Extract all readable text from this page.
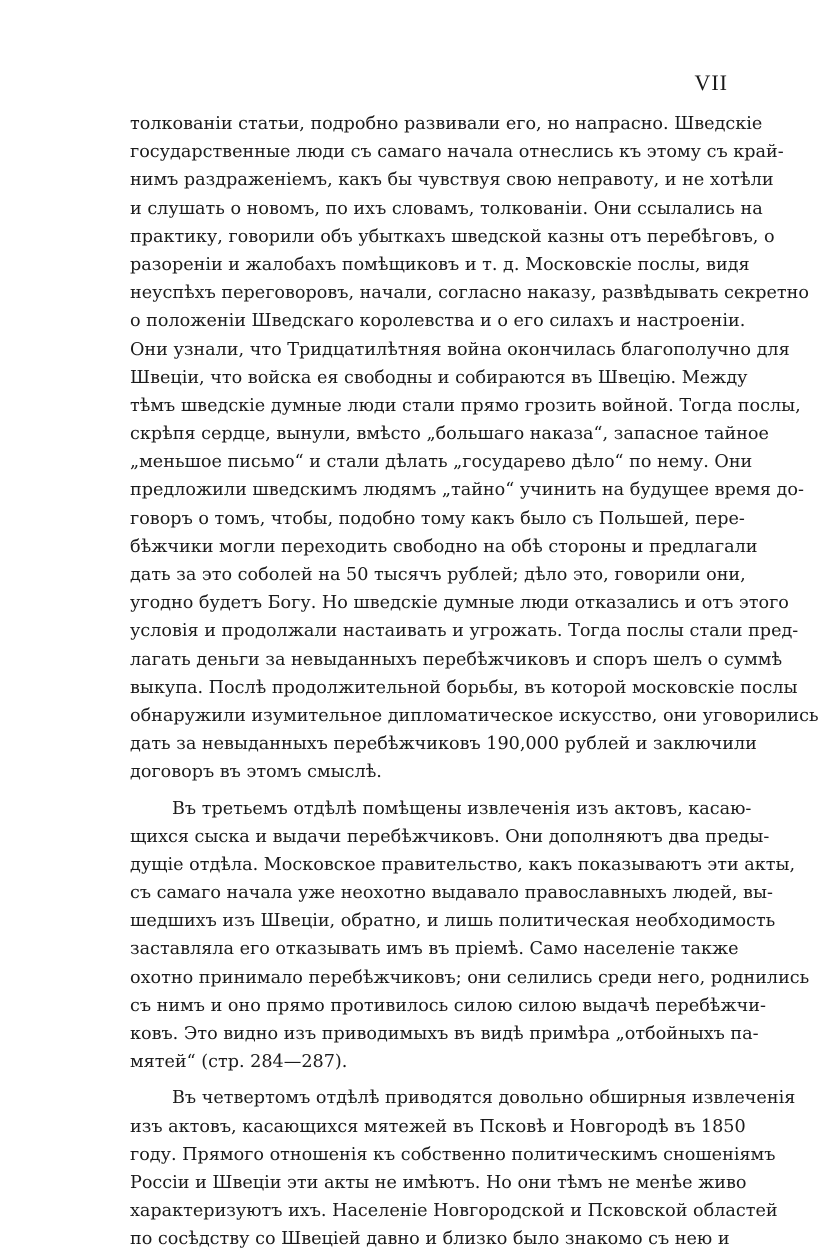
VII
толкованіи статьи, подробно развивали его, но напрасно. Шведскіе
государственные люди съ самаго начала отнеслись къ этому съ край-
нимъ раздраженіемъ, какъ бы чувствуя свою неправоту, и не хотѣли
и слушать о новомъ, по ихъ словамъ, толкованіи. Они ссылались на
практику, говорили объ убыткахъ шведской казны отъ перебѣговъ, о
разореніи и жалобахъ помѣщиковъ и т. д. Московскіе послы, видя
неуспѣхъ переговоровъ, начали, согласно наказу, развѣдывать секретно
о положеніи Шведскаго королевства и о его силахъ и настроеніи.
Они узнали, что Тридцатилѣтняя война окончилась благополучно для
Швеціи, что войска ея свободны и собираются въ Швецію. Между
тѣмъ шведскіе думные люди стали прямо грозить войной. Тогда послы,
скрѣпя сердце, вынули, вмѣсто „большаго наказа“, запасное тайное
„меньшое письмо“ и стали дѣлать „государево дѣло“ по нему. Они
предложили шведскимъ людямъ „тайно“ учинить на будущее время до-
говоръ о томъ, чтобы, подобно тому какъ было съ Польшей, пере-
бѣжчики могли переходить свободно на обѣ стороны и предлагали
дать за это соболей на 50 тысячъ рублей; дѣло это, говорили они,
угодно будетъ Богу. Но шведскіе думные люди отказались и отъ этого
условія и продолжали настаивать и угрожать. Тогда послы стали пред-
лагать деньги за невыданныхъ перебѣжчиковъ и споръ шелъ о суммѣ
выкупа. Послѣ продолжительной борьбы, въ которой московскіе послы
обнаружили изумительное дипломатическое искусство, они уговорились
дать за невыданныхъ перебѣжчиковъ 190,000 рублей и заключили
договоръ въ этомъ смыслѣ.
Въ третьемъ отдѣлѣ помѣщены извлеченія изъ актовъ, касаю-
щихся сыска и выдачи перебѣжчиковъ. Они дополняютъ два преды-
дущіе отдѣла. Московское правительство, какъ показываютъ эти акты,
съ самаго начала уже неохотно выдавало православныхъ людей, вы-
шедшихъ изъ Швеціи, обратно, и лишь политическая необходимость
заставляла его отказывать имъ въ пріемѣ. Само населеніе также
охотно принимало перебѣжчиковъ; они селились среди него, роднились
съ нимъ и оно прямо противилось силою силою выдачѣ перебѣжчи-
ковъ. Это видно изъ приводимыхъ въ видѣ примѣра „отбойныхъ па-
мятей“ (стр. 284—287).
Въ четвертомъ отдѣлѣ приводятся довольно обширныя извлеченія
изъ актовъ, касающихся мятежей въ Псковѣ и Новгородѣ въ 1850
году. Прямого отношенія къ собственно политическимъ сношеніямъ
Россіи и Швеціи эти акты не имѣютъ. Но они тѣмъ не менѣе живо
характеризуютъ ихъ. Населеніе Новгородской и Псковской областей
по сосѣдству со Швеціей давно и близко было знакомо съ нею и
